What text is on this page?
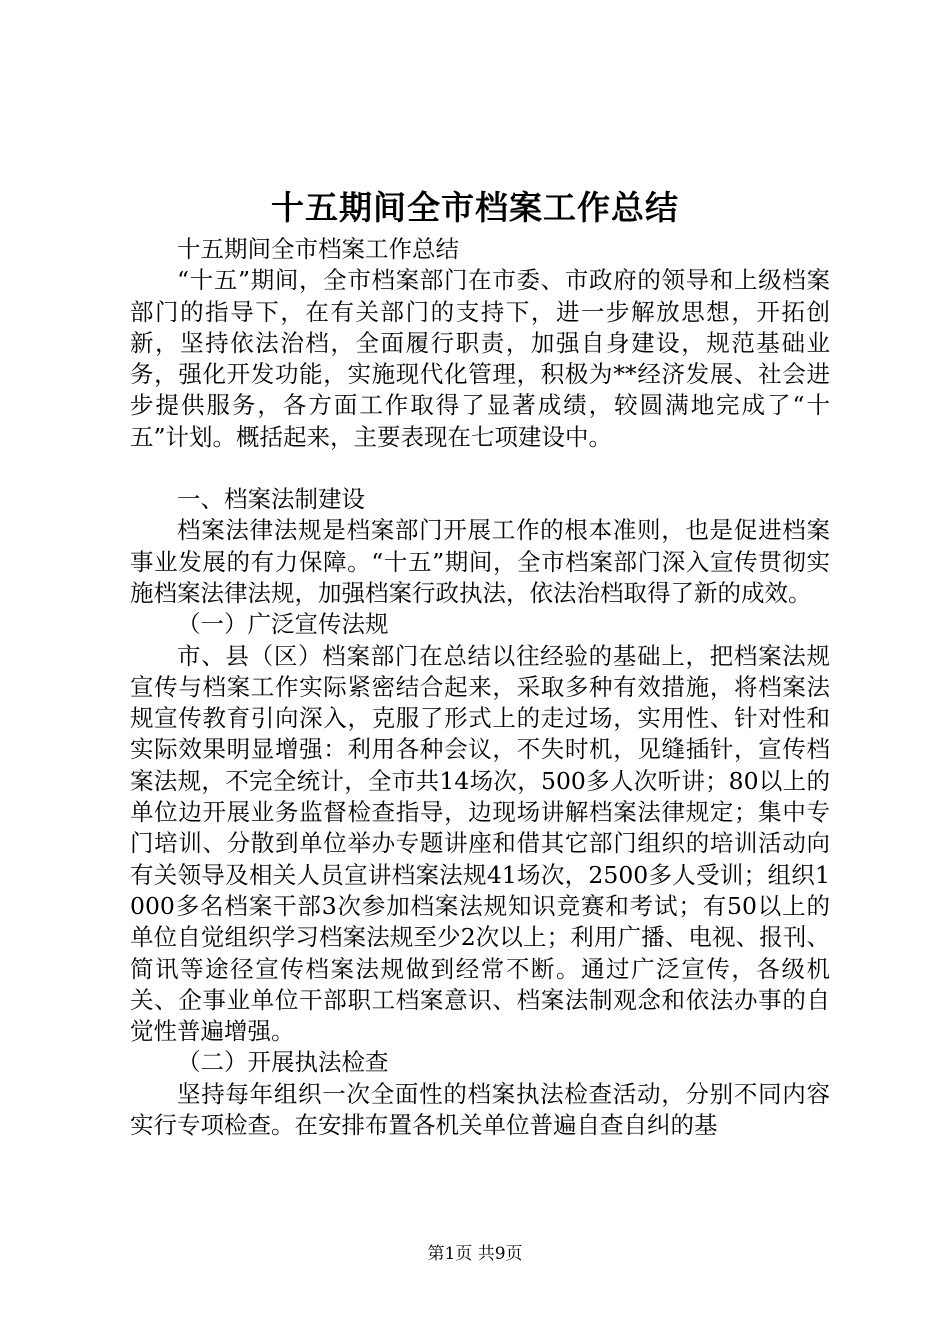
十五期间全市档案工作总结

十五期间全市档案工作总结

“十五”期间，全市档案部门在市委、市政府的领导和上级档案部门的指导下，在有关部门的支持下，进一步解放思想，开拓创新，坚持依法治档，全面履行职责，加强自身建设，规范基础业务，强化开发功能，实施现代化管理，积极为**经济发展、社会进步提供服务，各方面工作取得了显著成绩，较圆满地完成了“十五”计划。概括起来，主要表现在七项建设中。

一、档案法制建设

档案法律法规是档案部门开展工作的根本准则，也是促进档案事业发展的有力保障。“十五”期间，全市档案部门深入宣传贯彻实施档案法律法规，加强档案行政执法，依法治档取得了新的成效。

（一）广泛宣传法规

市、县（区）档案部门在总结以往经验的基础上，把档案法规宣传与档案工作实际紧密结合起来，采取多种有效措施，将档案法规宣传教育引向深入，克服了形式上的走过场，实用性、针对性和实际效果明显增强：利用各种会议，不失时机，见缝插针，宣传档案法规，不完全统计，全市共14场次，500多人次听讲；80以上的单位边开展业务监督检查指导，边现场讲解档案法律规定；集中专门培训、分散到单位举办专题讲座和借其它部门组织的培训活动向有关领导及相关人员宣讲档案法规41场次，2500多人受训；组织1000多名档案干部3次参加档案法规知识竞赛和考试；有50以上的单位自觉组织学习档案法规至少2次以上；利用广播、电视、报刊、简讯等途径宣传档案法规做到经常不断。通过广泛宣传，各级机关、企事业单位干部职工档案意识、档案法制观念和依法办事的自觉性普遍增强。

（二）开展执法检查

坚持每年组织一次全面性的档案执法检查活动，分别不同内容实行专项检查。在安排布置各机关单位普遍自查自纠的基

第1页 共9页
